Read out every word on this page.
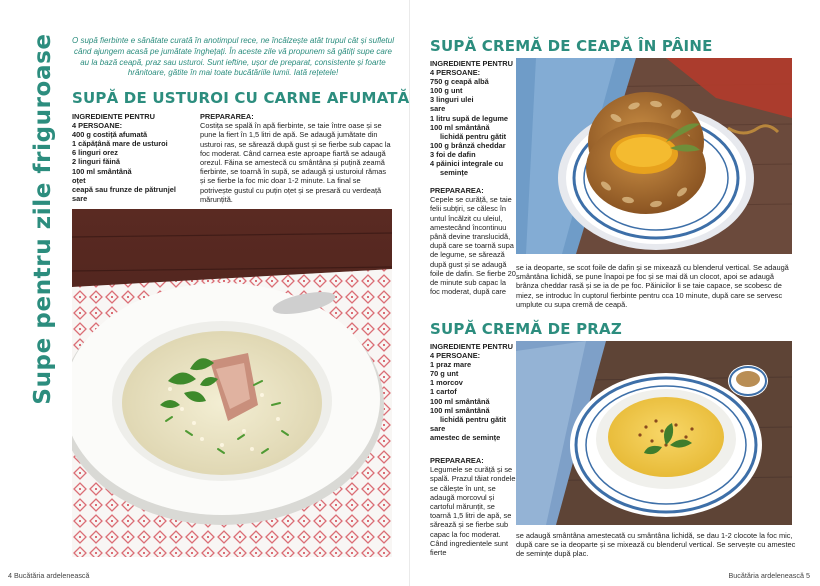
Supe pentru zile friguroase O supă fierbinte e sănătate curată în anotimpul rece, ne încălzește atât trupul cât și sufletul când ajungem acasă pe jumătate înghețați. În aceste zile vă propunem să gătiți supe care au la bază ceapă, praz sau usturoi. Sunt ieftine, ușor de preparat, consistente și foarte hrănitoare, gătite în mai toate bucătăriile lumii. Iată rețetele!

SUPĂ DE USTUROI CU CARNE AFUMATĂ
INGREDIENTE PENTRU
4 PERSOANE:
400 g costiță afumată
1 căpățână mare de usturoi
6 linguri orez
2 linguri făină
100 ml smântână
oțet
ceapă sau frunze de pătrunjel
sare
PREPARAREA:
Costița se spală în apă fierbinte, se taie între oase și se pune la fiert în 1,5 litri de apă. Se adaugă jumătate din usturoi ras, se sărează după gust și se fierbe sub capac la foc moderat. Când carnea este aproape fiartă se adaugă orezul. Făina se amestecă cu smântâna și puțină zeamă fierbinte, se toarnă în supă, se adaugă și usturoiul rămas și se fierbe la foc mic doar 1-2 minute. La final se potrivește gustul cu puțin oțet și se presară cu verdeață mărunțită.
4 Bucătăria ardelenească
SUPĂ CREMĂ DE CEAPĂ ÎN PÂINE
INGREDIENTE PENTRU
4 PERSOANE:
750 g ceapă albă
100 g unt
3 linguri ulei
sare
1 litru supă de legume
100 ml smântână
lichidă pentru gătit
100 g brânză cheddar
3 foi de dafin
4 păinici integrale cu
semințe
PREPARAREA:
Cepele se curăță, se taie felii subțiri, se călesc în untul încălzit cu uleiul, amestecând încontinuu până devine translucidă, după care se toarnă supa de legume, se sărează după gust și se adaugă foile de dafin. Se fierbe 20 de minute sub capac la foc moderat, după care

se ia deoparte, se scot foile de dafin și se mixează cu blenderul vertical. Se adaugă smântâna lichidă, se pune înapoi pe foc și se mai dă un clocot, apoi se adaugă brânza cheddar rasă și se ia de pe foc. Păinicilor li se taie capace, se scobesc de miez, se introduc în cuptorul fierbinte pentru cca 10 minute, după care se servesc umplute cu supa cremă de ceapă.

SUPĂ CREMĂ DE PRAZ
INGREDIENTE PENTRU
4 PERSOANE:
1 praz mare
70 g unt
1 morcov
1 cartof
100 ml smântână
100 ml smântână
lichidă pentru gătit
sare
amestec de semințe
PREPARAREA:
Legumele se curăță și se spală. Prazul tăiat rondele se călește în unt, se adaugă morcovul și cartoful mărunțit, se toarnă 1,5 litri de apă, se sărează și se fierbe sub capac la foc moderat. Când ingredientele sunt fierte

se adaugă smântâna amestecată cu smântâna lichidă, se dau 1-2 clocote la foc mic, după care se ia deoparte și se mixează cu blenderul vertical. Se servește cu amestec de semințe după plac.

Bucătăria ardelenească 5
